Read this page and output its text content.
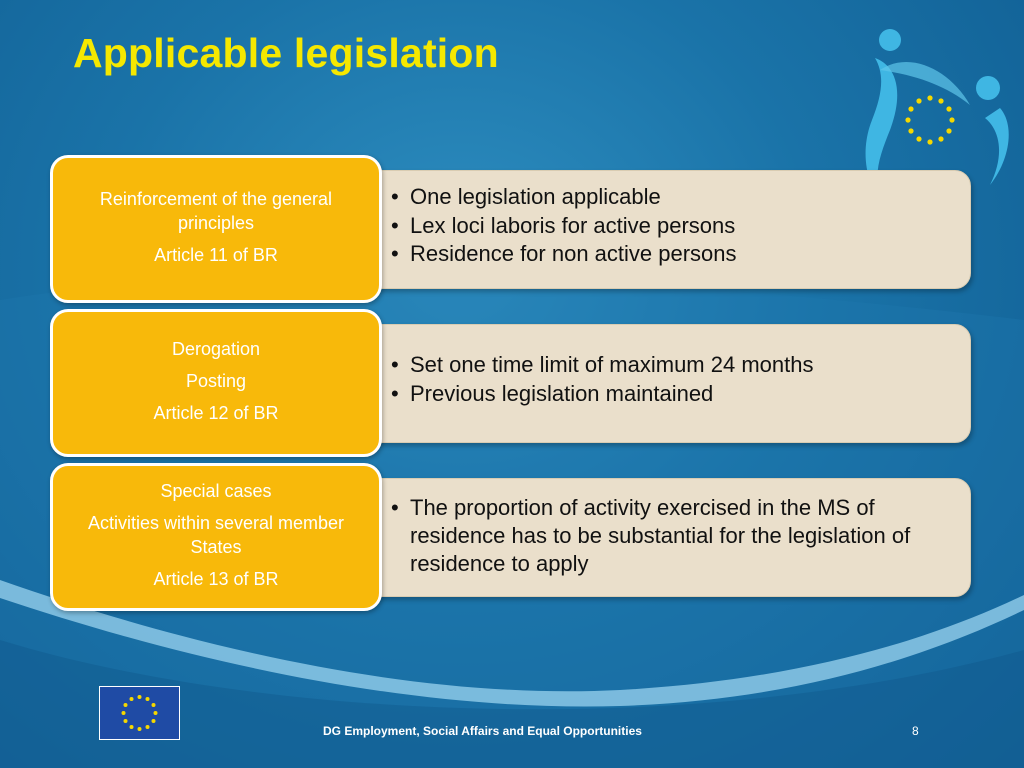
Applicable legislation
• One legislation applicable
• Lex loci laboris for active persons
• Residence for non active persons

Reinforcement of the general principles

Article 11 of BR

• Set one time limit of maximum 24 months
• Previous legislation maintained

Derogation

Posting

Article 12 of BR

• The proportion of activity exercised in the MS of residence has to be substantial for the legislation of residence to apply

Special cases

Activities within several member States

Article 13 of BR

DG Employment, Social Affairs and Equal Opportunities	8
